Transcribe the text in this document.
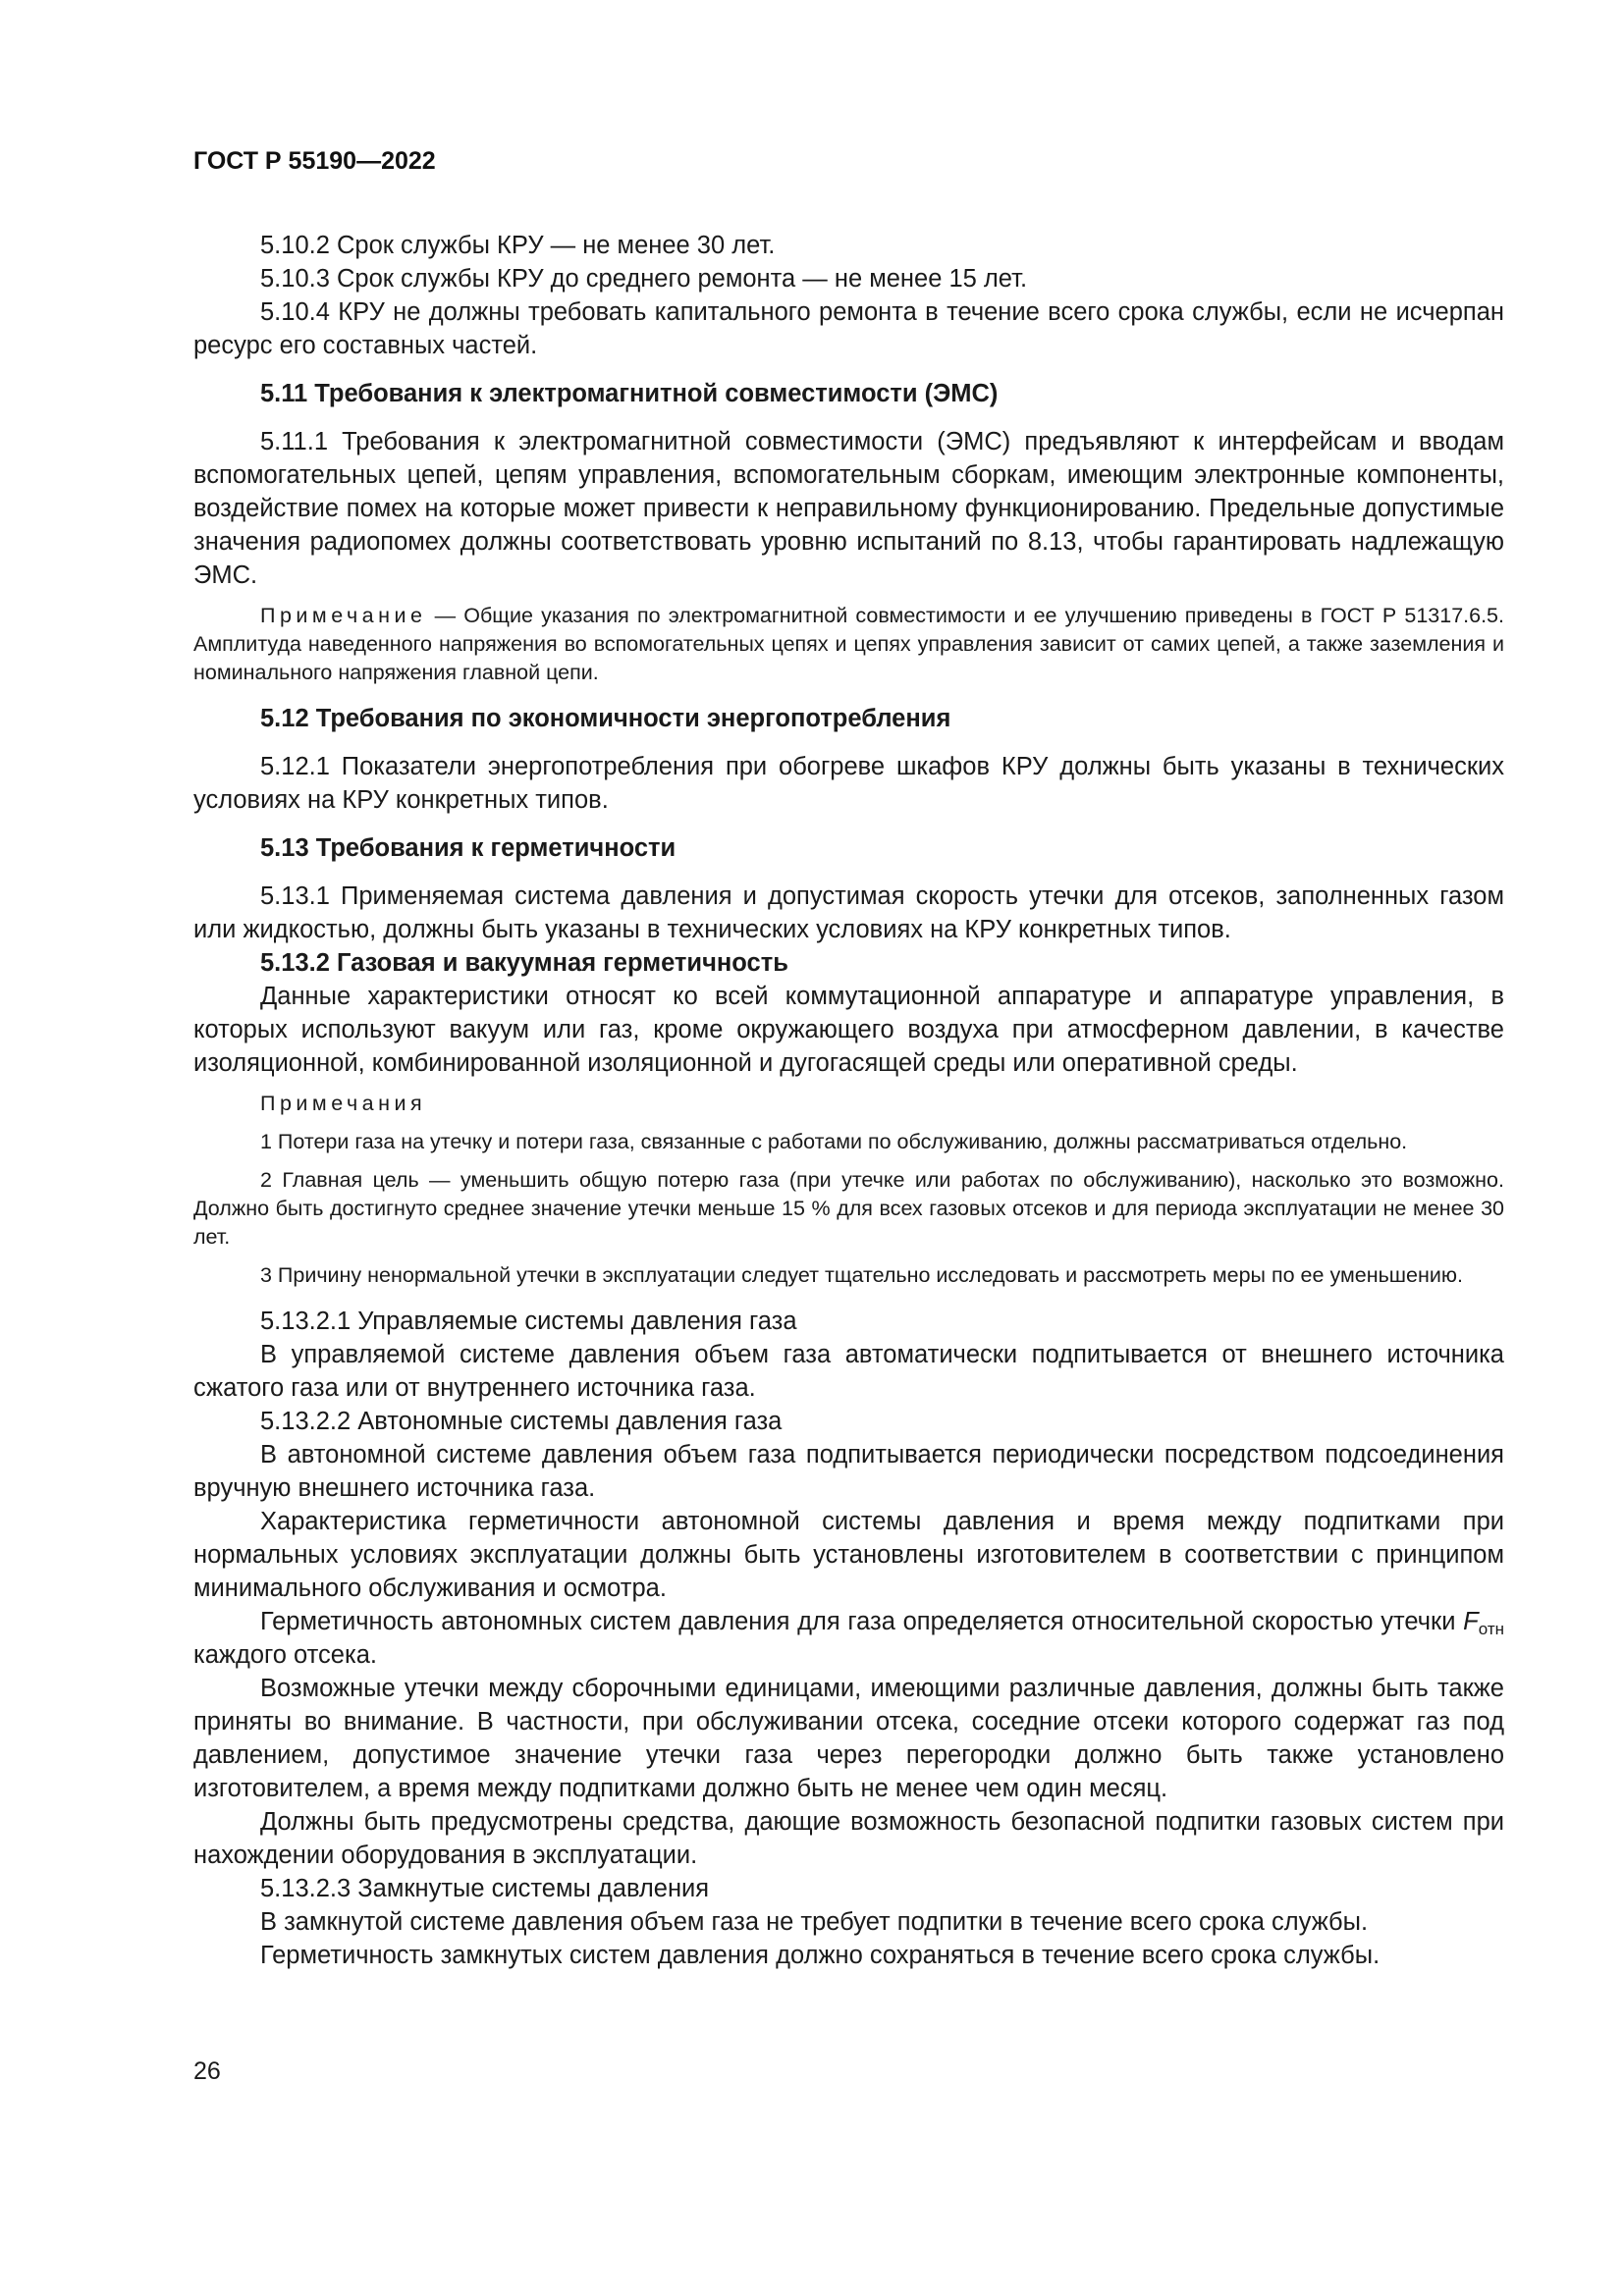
ГОСТ Р 55190—2022

5.10.2 Срок службы КРУ — не менее 30 лет.

5.10.3 Срок службы КРУ до среднего ремонта — не менее 15 лет.

5.10.4 КРУ не должны требовать капитального ремонта в течение всего срока службы, если не исчерпан ресурс его составных частей.

5.11 Требования к электромагнитной совместимости (ЭМС)

5.11.1 Требования к электромагнитной совместимости (ЭМС) предъявляют к интерфейсам и вводам вспомогательных цепей, цепям управления, вспомогательным сборкам, имеющим электронные компоненты, воздействие помех на которые может привести к неправильному функционированию. Предельные допустимые значения радиопомех должны соответствовать уровню испытаний по 8.13, чтобы гарантировать надлежащую ЭМС.

Примечание — Общие указания по электромагнитной совместимости и ее улучшению приведены в ГОСТ Р 51317.6.5. Амплитуда наведенного напряжения во вспомогательных цепях и цепях управления зависит от самих цепей, а также заземления и номинального напряжения главной цепи.

5.12 Требования по экономичности энергопотребления

5.12.1 Показатели энергопотребления при обогреве шкафов КРУ должны быть указаны в технических условиях на КРУ конкретных типов.

5.13 Требования к герметичности

5.13.1 Применяемая система давления и допустимая скорость утечки для отсеков, заполненных газом или жидкостью, должны быть указаны в технических условиях на КРУ конкретных типов.

5.13.2 Газовая и вакуумная герметичность

Данные характеристики относят ко всей коммутационной аппаратуре и аппаратуре управления, в которых используют вакуум или газ, кроме окружающего воздуха при атмосферном давлении, в качестве изоляционной, комбинированной изоляционной и дугогасящей среды или оперативной среды.

Примечания

1 Потери газа на утечку и потери газа, связанные с работами по обслуживанию, должны рассматриваться отдельно.

2 Главная цель — уменьшить общую потерю газа (при утечке или работах по обслуживанию), насколько это возможно. Должно быть достигнуто среднее значение утечки меньше 15 % для всех газовых отсеков и для периода эксплуатации не менее 30 лет.

3 Причину ненормальной утечки в эксплуатации следует тщательно исследовать и рассмотреть меры по ее уменьшению.

5.13.2.1 Управляемые системы давления газа

В управляемой системе давления объем газа автоматически подпитывается от внешнего источника сжатого газа или от внутреннего источника газа.

5.13.2.2 Автономные системы давления газа

В автономной системе давления объем газа подпитывается периодически посредством подсоединения вручную внешнего источника газа.

Характеристика герметичности автономной системы давления и время между подпитками при нормальных условиях эксплуатации должны быть установлены изготовителем в соответствии с принципом минимального обслуживания и осмотра.

Герметичность автономных систем давления для газа определяется относительной скоростью утечки $F_{отн}$ каждого отсека.

Возможные утечки между сборочными единицами, имеющими различные давления, должны быть также приняты во внимание. В частности, при обслуживании отсека, соседние отсеки которого содержат газ под давлением, допустимое значение утечки газа через перегородки должно быть также установлено изготовителем, а время между подпитками должно быть не менее чем один месяц.

Должны быть предусмотрены средства, дающие возможность безопасной подпитки газовых систем при нахождении оборудования в эксплуатации.

5.13.2.3 Замкнутые системы давления

В замкнутой системе давления объем газа не требует подпитки в течение всего срока службы.

Герметичность замкнутых систем давления должно сохраняться в течение всего срока службы.

26
